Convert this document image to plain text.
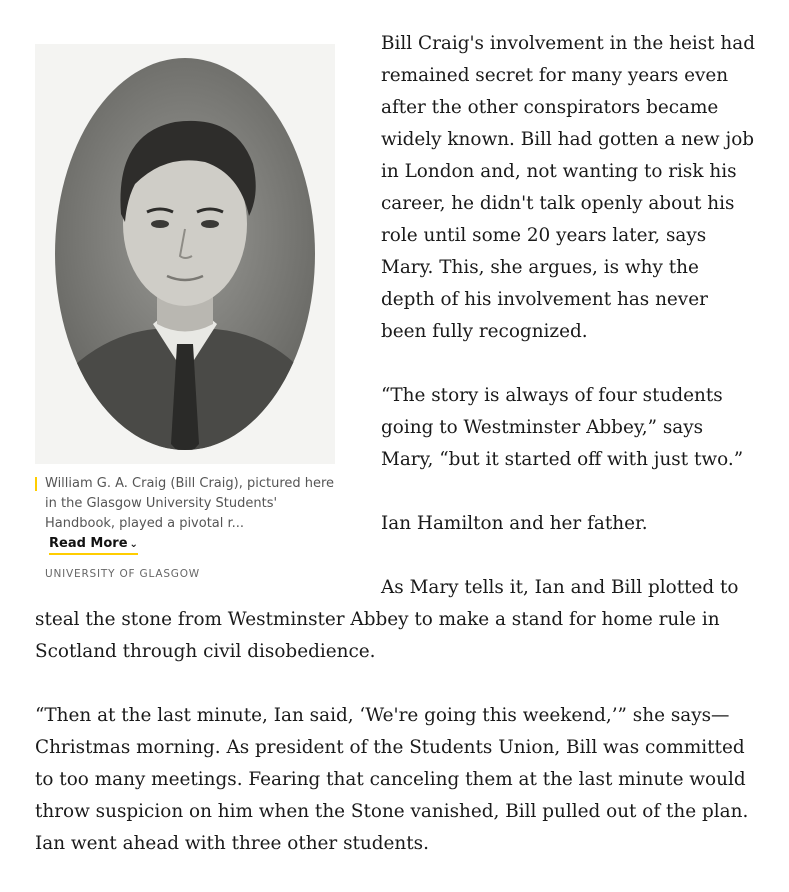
William G. A. Craig (Bill Craig), pictured here in the Glasgow University Students' Handbook, played a pivotal r... Read More ⌄
UNIVERSITY OF GLASGOW

Bill Craig's involvement in the heist had remained secret for many years even after the other conspirators became widely known. Bill had gotten a new job in London and, not wanting to risk his career, he didn't talk openly about his role until some 20 years later, says Mary. This, she argues, is why the depth of his involvement has never been fully recognized.

“The story is always of four students going to Westminster Abbey,” says Mary, “but it started off with just two.”

Ian Hamilton and her father.

As Mary tells it, Ian and Bill plotted to steal the stone from Westminster Abbey to make a stand for home rule in Scotland through civil disobedience.

“Then at the last minute, Ian said, ‘We're going this weekend,’” she says—Christmas morning. As president of the Students Union, Bill was committed to too many meetings. Fearing that canceling them at the last minute would throw suspicion on him when the Stone vanished, Bill pulled out of the plan. Ian went ahead with three other students.
